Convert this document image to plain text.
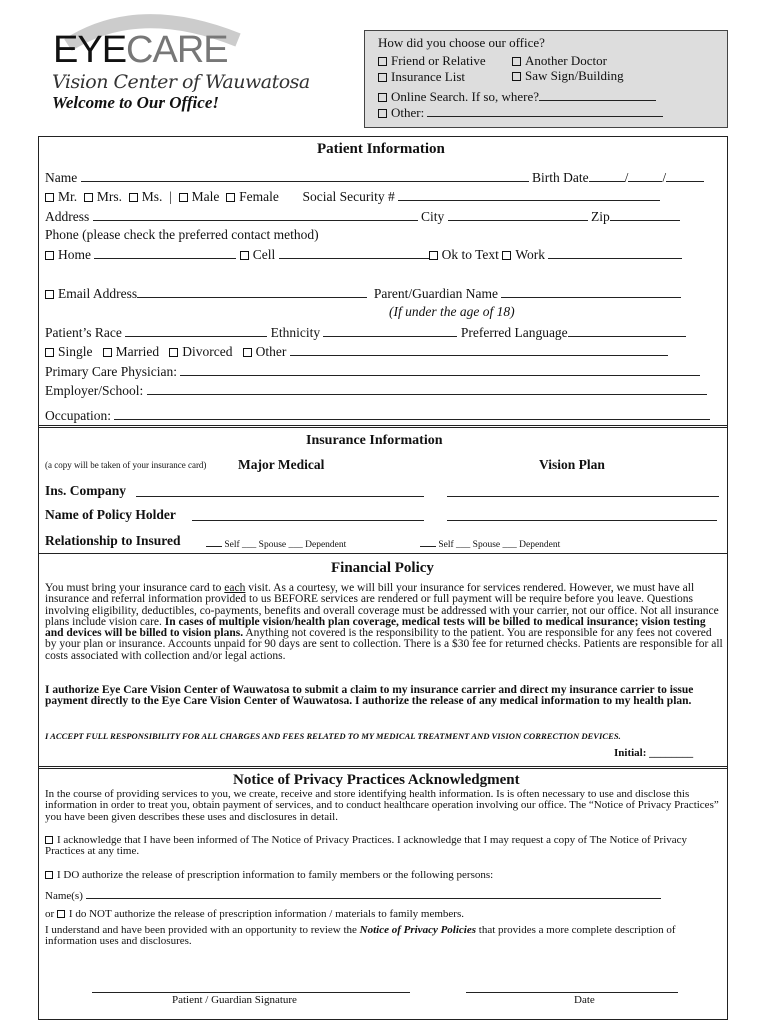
EYECARE
Vision Center of Wauwatosa
Welcome to Our Office!
How did you choose our office?
Friend or Relative	Another Doctor
Insurance List	Saw Sign/Building
Online Search. If so, where?
Other:
Patient Information
Name	Birth Date	/	/
Mr. Mrs. Ms. | Male Female Social Security #
Address	City	Zip
Phone (please check the preferred contact method)
Home	Cell	Ok to Text Work
Email Address	Parent/Guardian Name
(If under the age of 18)
Patient’s Race	Ethnicity	Preferred Language
Single Married Divorced Other
Primary Care Physician:
Employer/School:
Occupation:
Insurance Information
(a copy will be taken of your insurance card) Major Medical	Vision Plan
Ins. Company
Name of Policy Holder
Relationship to Insured	Self ___ Spouse ___ Dependent	Self ___ Spouse ___ Dependent
Financial Policy
You must bring your insurance card to each visit. As a courtesy, we will bill your insurance for services rendered. However, we must have all insurance and referral information provided to us BEFORE services are rendered or full payment will be require before you leave. Questions involving eligibility, deductibles, co-payments, benefits and overall coverage must be addressed with your carrier, not our office. Not all insurance plans include vision care. In cases of multiple vision/health plan coverage, medical tests will be billed to medical insurance; vision testing and devices will be billed to vision plans. Anything not covered is the responsibility to the patient. You are responsible for any fees not covered by your plan or insurance. Accounts unpaid for 90 days are sent to collection. There is a $30 fee for returned checks. Patients are responsible for all costs associated with collection and/or legal actions.
I authorize Eye Care Vision Center of Wauwatosa to submit a claim to my insurance carrier and direct my insurance carrier to issue payment directly to the Eye Care Vision Center of Wauwatosa. I authorize the release of any medical information to my health plan.
I ACCEPT FULL RESPONSIBILITY FOR ALL CHARGES AND FEES RELATED TO MY MEDICAL TREATMENT AND VISION CORRECTION DEVICES.
Initial: ________
Notice of Privacy Practices Acknowledgment
In the course of providing services to you, we create, receive and store identifying health information. Is is often necessary to use and disclose this information in order to treat you, obtain payment of services, and to conduct healthcare operation involving our office. The “Notice of Privacy Practices” you have been given describes these uses and disclosures in detail.
I acknowledge that I have been informed of The Notice of Privacy Practices. I acknowledge that I may request a copy of The Notice of Privacy Practices at any time.
I DO authorize the release of prescription information to family members or the following persons:
Name(s)
or I do NOT authorize the release of prescription information / materials to family members.
I understand and have been provided with an opportunity to review the Notice of Privacy Policies that provides a more complete description of information uses and disclosures.
Patient / Guardian Signature	Date
